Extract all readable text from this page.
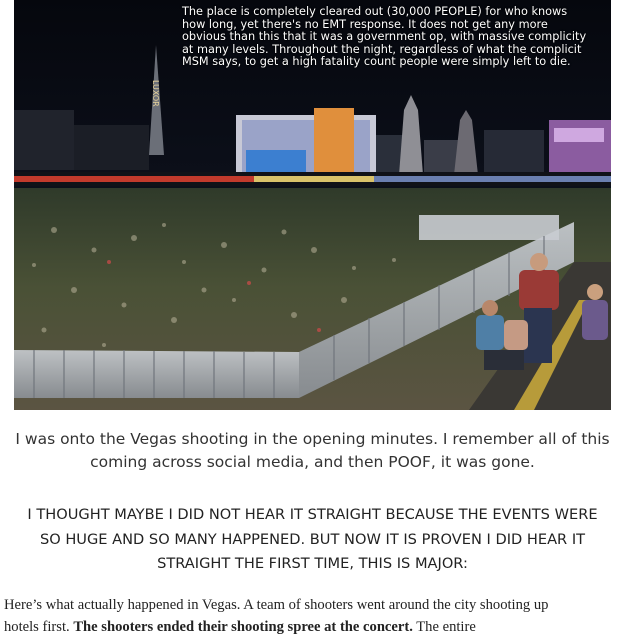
LUXOR
The place is completely cleared out (30,000 PEOPLE) for who knows
how long, yet there's no EMT response. It does not get any more
obvious than this that it was a government op, with massive complicity
at many levels. Throughout the night, regardless of what the complicit
MSM says, to get a high fatality count people were simply left to die.
I was onto the Vegas shooting in the opening minutes. I remember all of this
coming across social media, and then POOF, it was gone.
I THOUGHT MAYBE I DID NOT HEAR IT STRAIGHT BECAUSE THE EVENTS WERE
SO HUGE AND SO MANY HAPPENED. BUT NOW IT IS PROVEN I DID HEAR IT
STRAIGHT THE FIRST TIME, THIS IS MAJOR:
Here’s what actually happened in Vegas. A team of shooters went around the city shooting up
hotels first. The shooters ended their shooting spree at the concert. The entire
